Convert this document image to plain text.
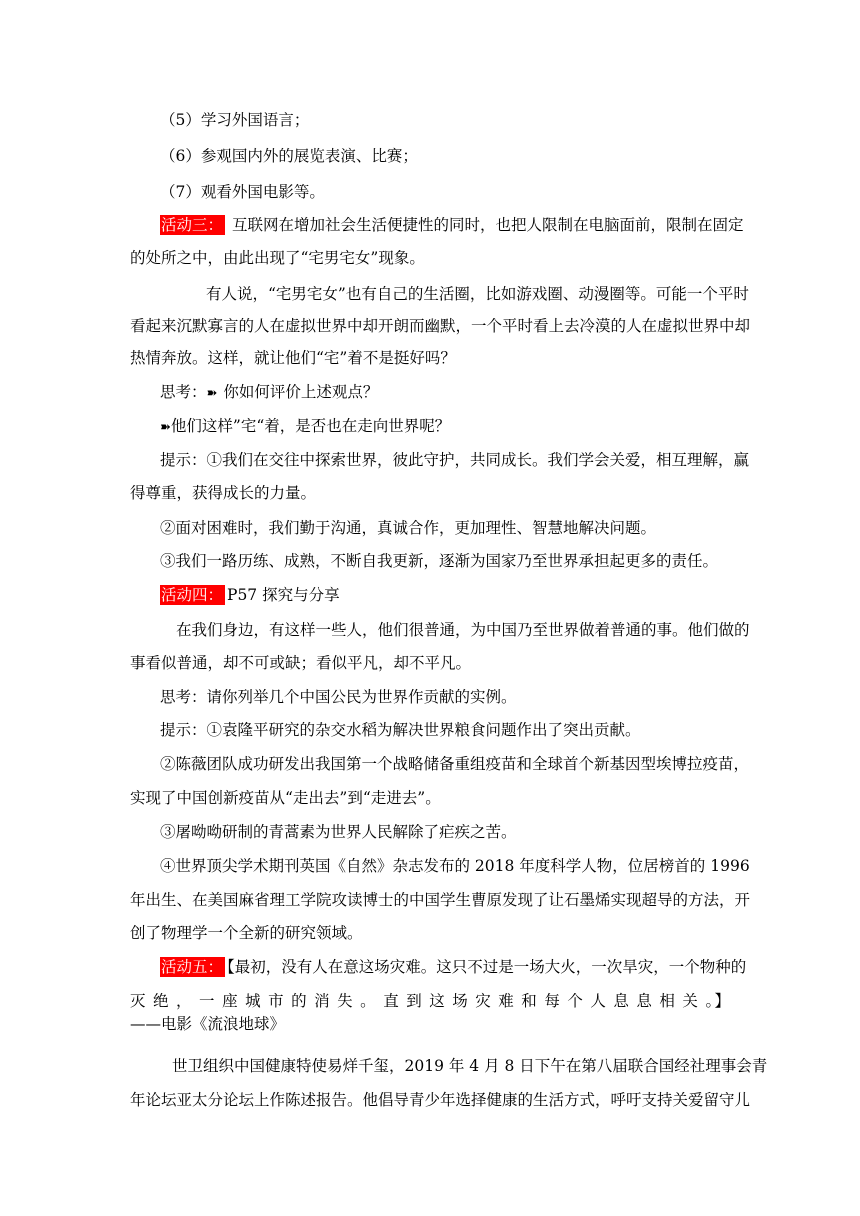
（5）学习外国语言；
（6）参观国内外的展览表演、比赛；
（7）观看外国电影等。
活动三： 互联网在增加社会生活便捷性的同时，也把人限制在电脑面前，限制在固定
的处所之中，由此出现了“宅男宅女”现象。
有人说，“宅男宅女”也有自己的生活圈，比如游戏圈、动漫圈等。可能一个平时
看起来沉默寡言的人在虚拟世界中却开朗而幽默，一个平时看上去冷漠的人在虚拟世界中却
热情奔放。这样，就让他们“宅”着不是挺好吗？
思考：➽ 你如何评价上述观点？
➽他们这样”宅“着，是否也在走向世界呢？
提示：①我们在交往中探索世界，彼此守护，共同成长。我们学会关爱，相互理解，赢
得尊重，获得成长的力量。
②面对困难时，我们勤于沟通，真诚合作，更加理性、智慧地解决问题。
③我们一路历练、成熟，不断自我更新，逐渐为国家乃至世界承担起更多的责任。
活动四： P57 探究与分享
在我们身边，有这样一些人，他们很普通，为中国乃至世界做着普通的事。他们做的
事看似普通，却不可或缺；看似平凡，却不平凡。
思考：请你列举几个中国公民为世界作贡献的实例。
提示：①袁隆平研究的杂交水稻为解决世界粮食问题作出了突出贡献。
②陈薇团队成功研发出我国第一个战略储备重组疫苗和全球首个新基因型埃博拉疫苗，
实现了中国创新疫苗从“走出去”到“走进去”。
③屠呦呦研制的青蒿素为世界人民解除了疟疾之苦。
④世界顶尖学术期刊英国《自然》杂志发布的 2018 年度科学人物，位居榜首的 1996
年出生、在美国麻省理工学院攻读博士的中国学生曹原发现了让石墨烯实现超导的方法，开
创了物理学一个全新的研究领域。
活动五： 【最初，没有人在意这场灾难。这只不过是一场大火，一次旱灾，一个物种的
灭 绝 ， 一 座 城 市 的 消 失 。 直 到 这 场 灾 难 和 每 个 人 息 息 相 关 。】
——电影《流浪地球》
世卫组织中国健康特使易烊千玺，2019 年 4 月 8 日下午在第八届联合国经社理事会青
年论坛亚太分论坛上作陈述报告。他倡导青少年选择健康的生活方式，呼吁支持关爱留守儿
